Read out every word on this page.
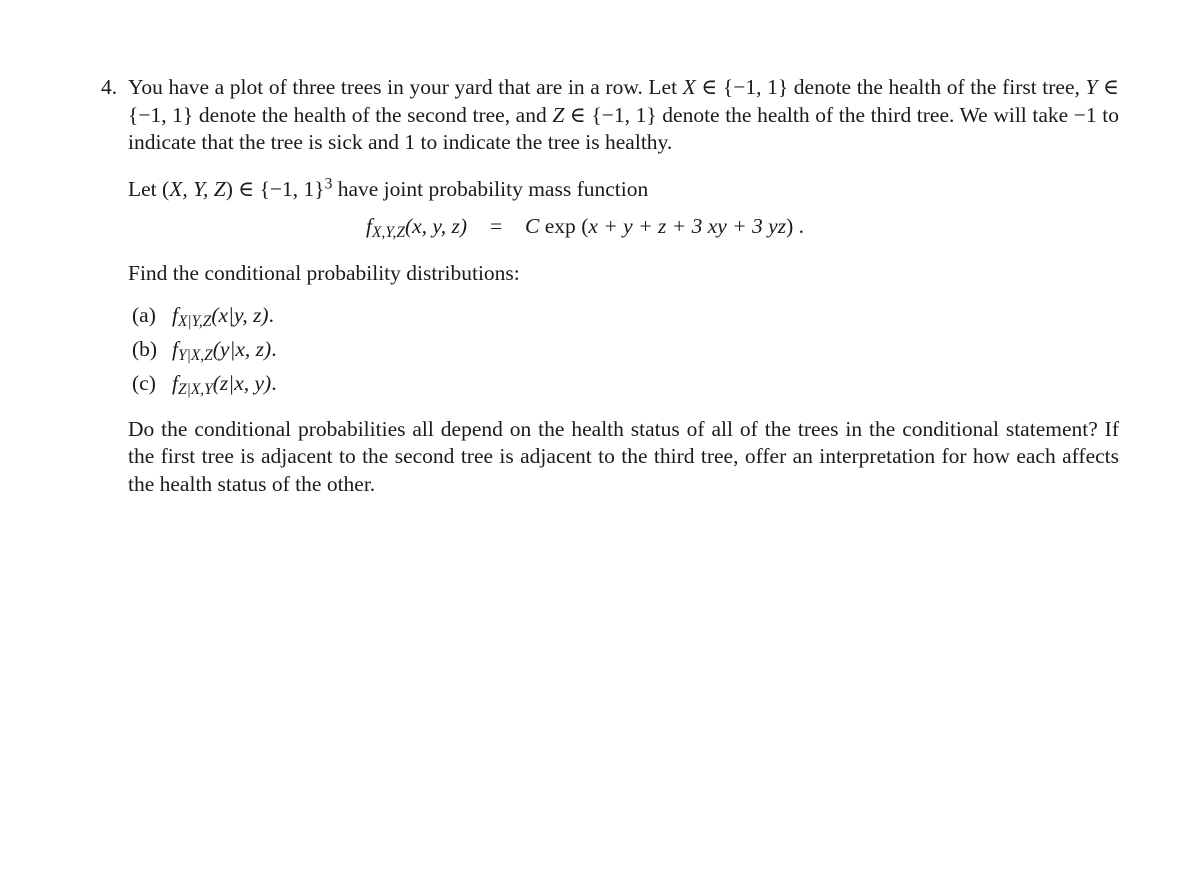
4. You have a plot of three trees in your yard that are in a row. Let X ∈ {−1, 1} denote the health of the first tree, Y ∈ {−1, 1} denote the health of the second tree, and Z ∈ {−1, 1} denote the health of the third tree. We will take −1 to indicate that the tree is sick and 1 to indicate the tree is healthy.

Let (X, Y, Z) ∈ {−1, 1}$^3$ have joint probability mass function

$f_{X,Y,Z}(x$, y, z) = C exp (x + y + z + 3 xy + 3 yz) .

Find the conditional probability distributions:

(a) $f_{X|Y,Z}(x|y$, z).
(b) $f_{Y|X,Z}(y|x$, z).
(c) $f_{Z|X,Y}(z|x$, y).

Do the conditional probabilities all depend on the health status of all of the trees in the conditional statement? If the first tree is adjacent to the second tree is adjacent to the third tree, offer an interpretation for how each affects the health status of the other.
